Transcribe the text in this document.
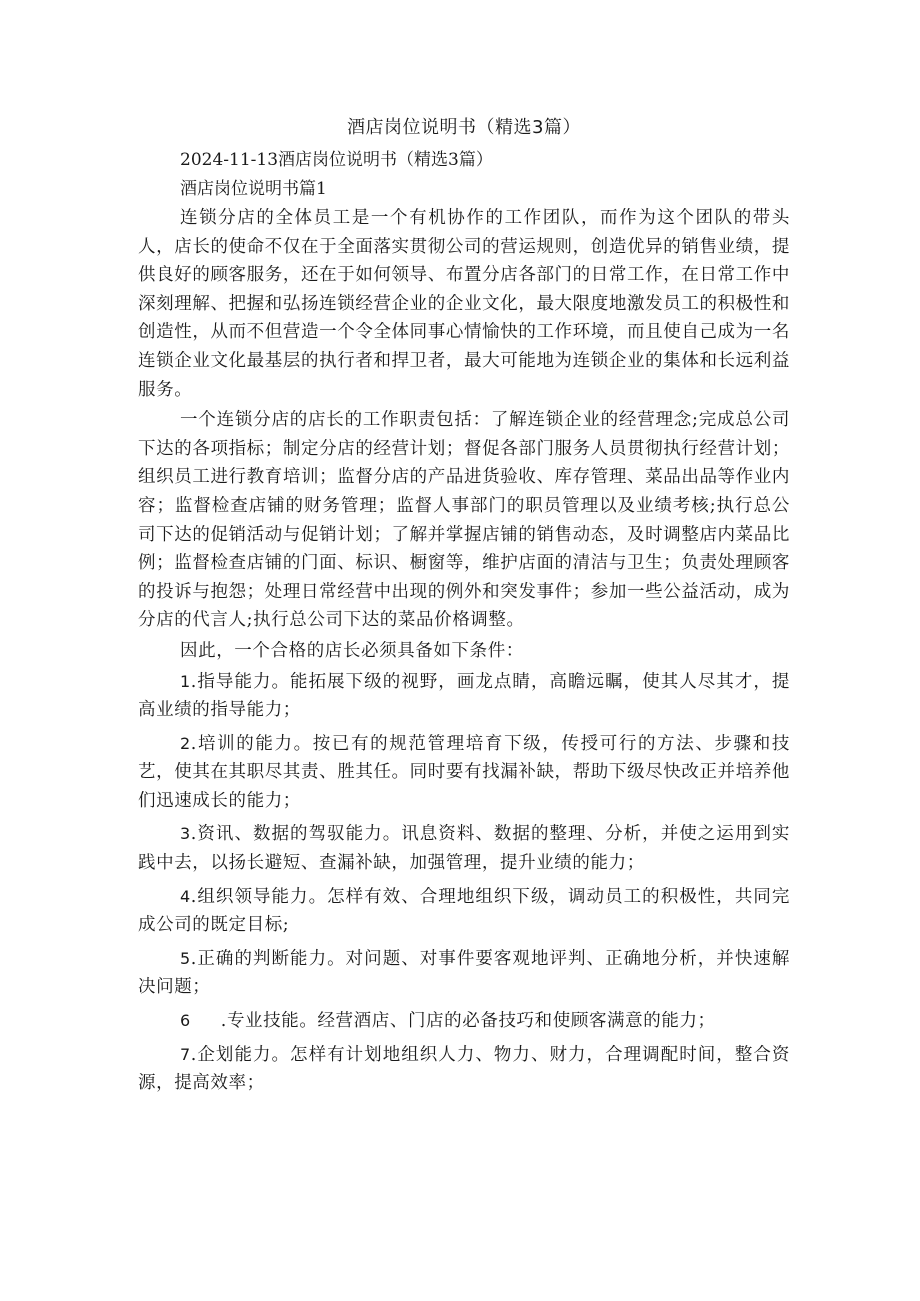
酒店岗位说明书（精选3篇）

2024-11-13酒店岗位说明书（精选3篇）

酒店岗位说明书篇1

连锁分店的全体员工是一个有机协作的工作团队，而作为这个团队的带头人，店长的使命不仅在于全面落实贯彻公司的营运规则，创造优异的销售业绩，提供良好的顾客服务，还在于如何领导、布置分店各部门的日常工作，在日常工作中深刻理解、把握和弘扬连锁经营企业的企业文化，最大限度地激发员工的积极性和创造性，从而不但营造一个令全体同事心情愉快的工作环境，而且使自己成为一名连锁企业文化最基层的执行者和捍卫者，最大可能地为连锁企业的集体和长远利益服务。

一个连锁分店的店长的工作职责包括：了解连锁企业的经营理念;完成总公司下达的各项指标；制定分店的经营计划；督促各部门服务人员贯彻执行经营计划；组织员工进行教育培训；监督分店的产品进货验收、库存管理、菜品出品等作业内容；监督检查店铺的财务管理；监督人事部门的职员管理以及业绩考核;执行总公司下达的促销活动与促销计划；了解并掌握店铺的销售动态，及时调整店内菜品比例；监督检查店铺的门面、标识、橱窗等，维护店面的清洁与卫生；负责处理顾客的投诉与抱怨；处理日常经营中出现的例外和突发事件；参加一些公益活动，成为分店的代言人;执行总公司下达的菜品价格调整。

因此，一个合格的店长必须具备如下条件：

1.指导能力。能拓展下级的视野，画龙点睛，高瞻远瞩，使其人尽其才，提高业绩的指导能力；

2.培训的能力。按已有的规范管理培育下级，传授可行的方法、步骤和技艺，使其在其职尽其责、胜其任。同时要有找漏补缺，帮助下级尽快改正并培养他们迅速成长的能力；

3.资讯、数据的驾驭能力。讯息资料、数据的整理、分析，并使之运用到实践中去，以扬长避短、查漏补缺，加强管理，提升业绩的能力；

4.组织领导能力。怎样有效、合理地组织下级，调动员工的积极性，共同完成公司的既定目标;

5.正确的判断能力。对问题、对事件要客观地评判、正确地分析，并快速解决问题；

6 .专业技能。经营酒店、门店的必备技巧和使顾客满意的能力；

7.企划能力。怎样有计划地组织人力、物力、财力，合理调配时间，整合资源，提高效率；
